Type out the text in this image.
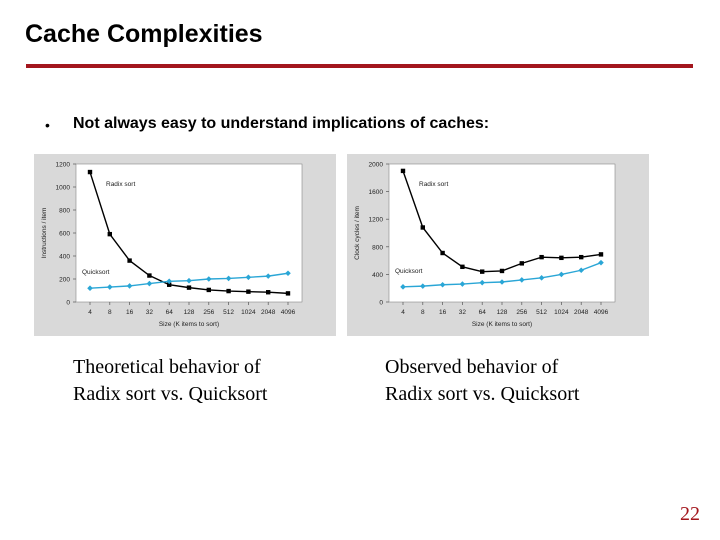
Cache Complexities
• Not always easy to understand implications of caches:
0
200
400
600
800
1000
1200
4 8 16 32 64 128 256 512 1024 2048 4096
Size (K items to sort)
Instructions / item
Radix sort
Quicksort
0
400
800
1200
1600
2000
4 8 16 32 64 128 256 512 1024 2048 4096
Size (K items to sort)
Clock cycles / item
Radix sort
Quicksort
Theoretical behavior of
Radix sort vs. Quicksort
Observed behavior of
Radix sort vs. Quicksort
22
